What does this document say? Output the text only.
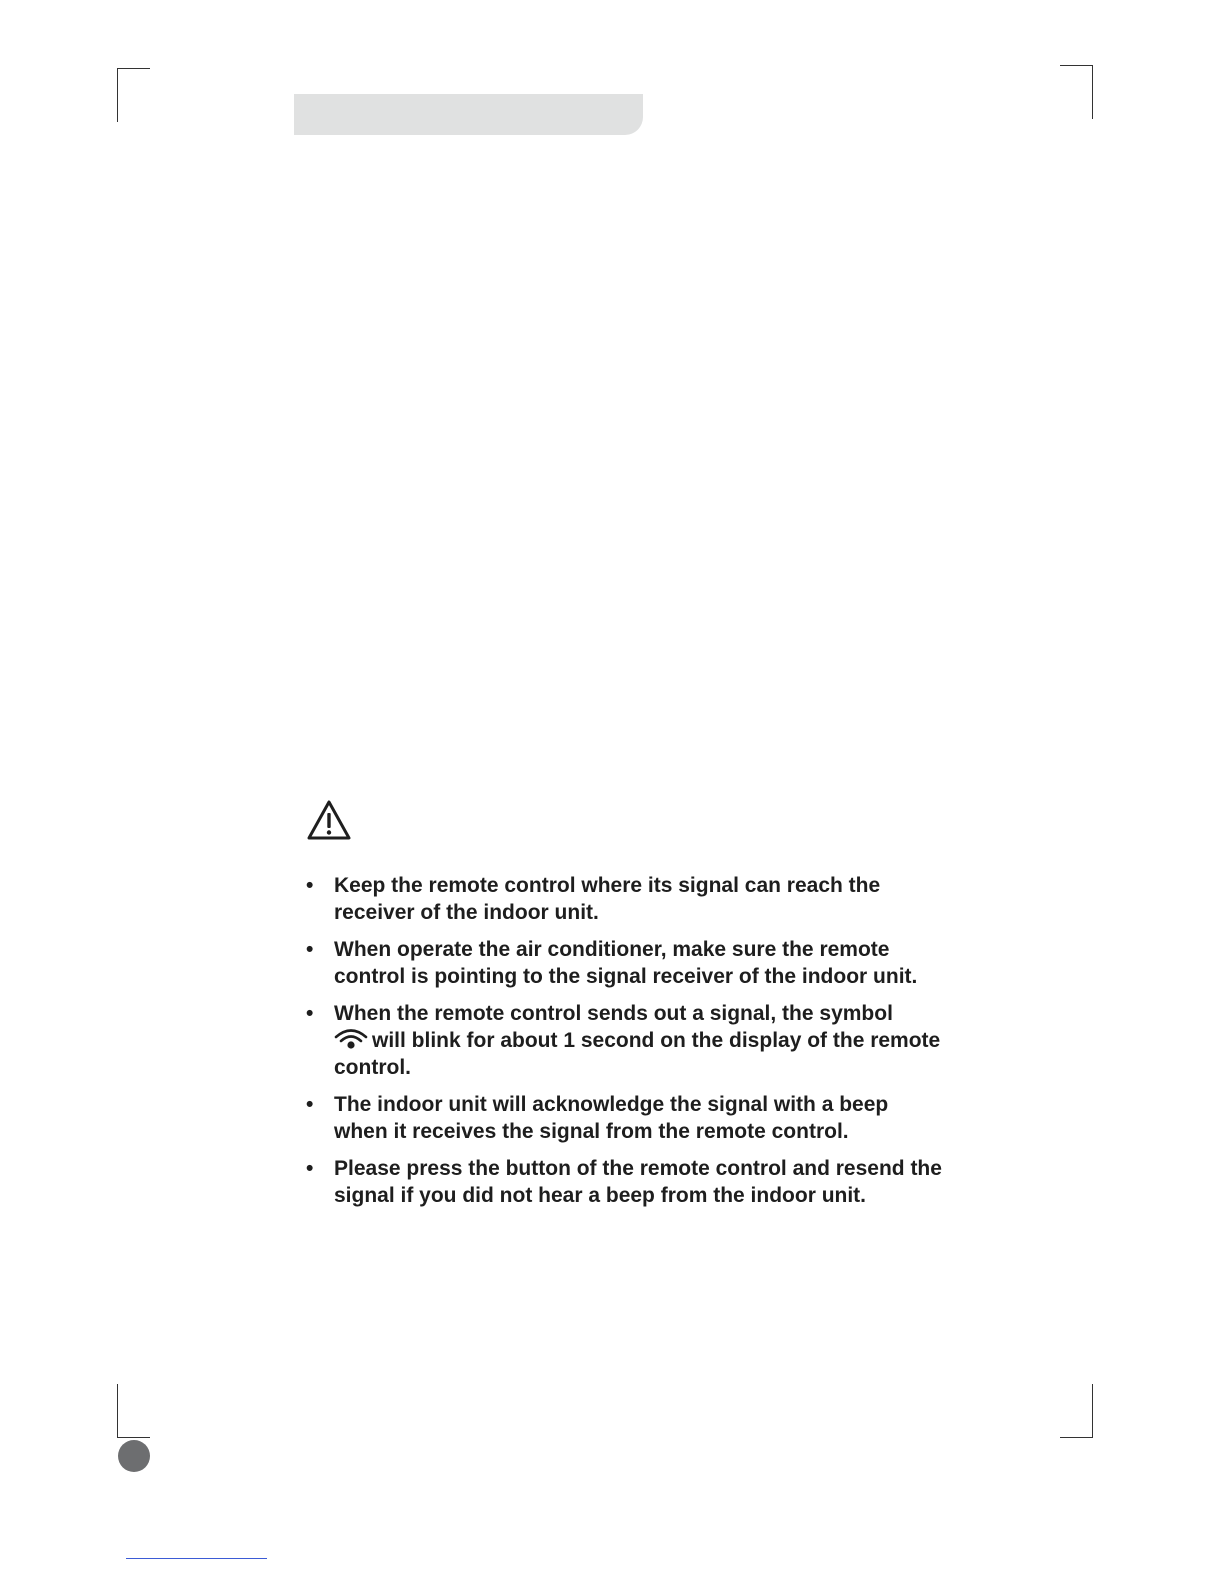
• Keep the remote control where its signal can reach the receiver of the indoor unit.
• When operate the air conditioner, make sure the remote control is pointing to the signal receiver of the indoor unit.
• When the remote control sends out a signal, the symbol
will blink for about 1 second on the display of the remote control.
• The indoor unit will acknowledge the signal with a beep when it receives the signal from the remote control.
• Please press the button of the remote control and resend the signal if you did not hear a beep from the indoor unit.
